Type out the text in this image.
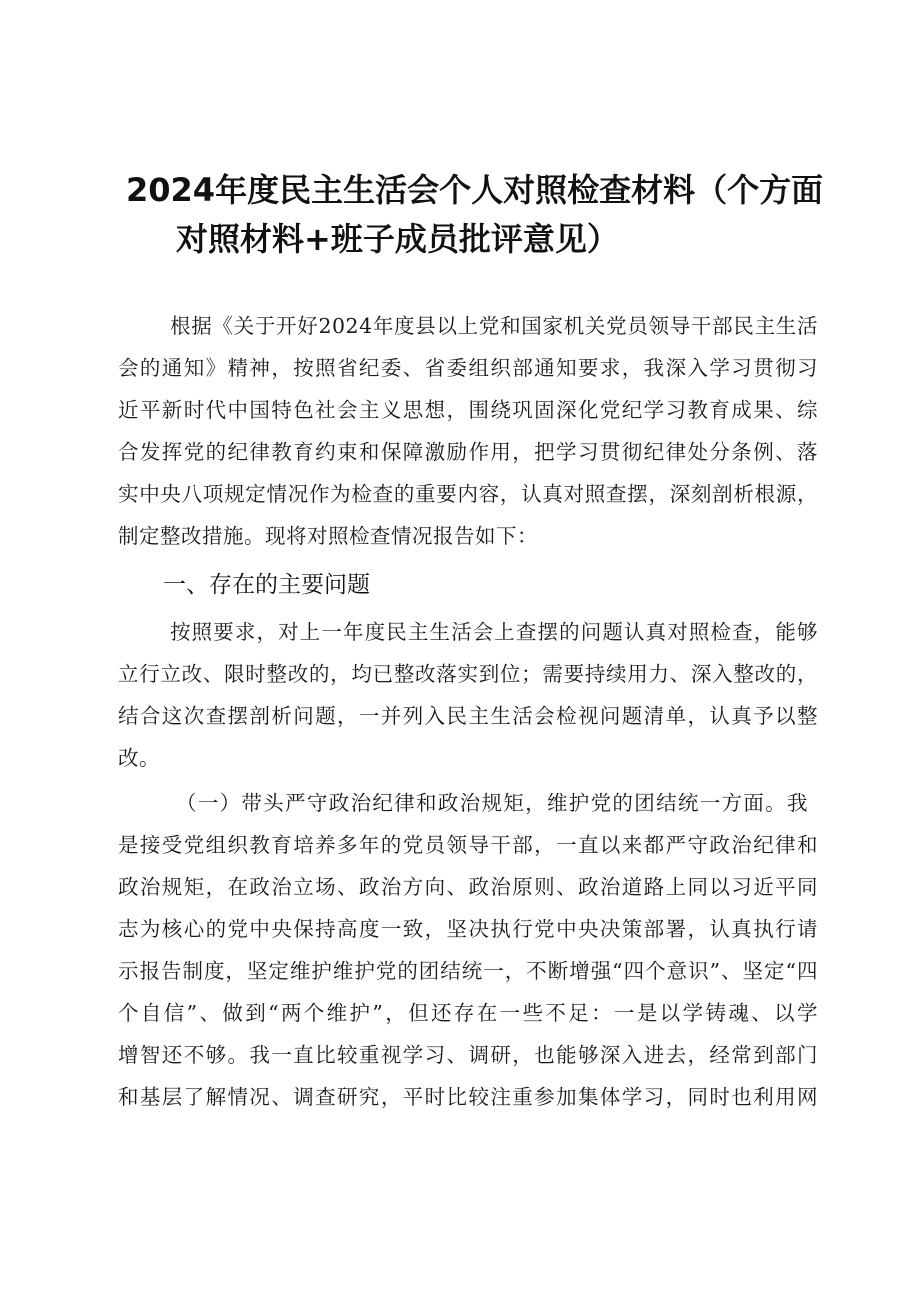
2024年度民主生活会个人对照检查材料（个方面
对照材料+班子成员批评意见）
根据《关于开好2024年度县以上党和国家机关党员领导干部民主生活
会的通知》精神，按照省纪委、省委组织部通知要求，我深入学习贯彻习
近平新时代中国特色社会主义思想，围绕巩固深化党纪学习教育成果、综
合发挥党的纪律教育约束和保障激励作用，把学习贯彻纪律处分条例、落
实中央八项规定情况作为检查的重要内容，认真对照查摆，深刻剖析根源，
制定整改措施。现将对照检查情况报告如下：
一、存在的主要问题
按照要求，对上一年度民主生活会上查摆的问题认真对照检查，能够
立行立改、限时整改的，均已整改落实到位；需要持续用力、深入整改的，
结合这次查摆剖析问题，一并列入民主生活会检视问题清单，认真予以整
改。
（一）带头严守政治纪律和政治规矩，维护党的团结统一方面。我
是接受党组织教育培养多年的党员领导干部，一直以来都严守政治纪律和
政治规矩，在政治立场、政治方向、政治原则、政治道路上同以习近平同
志为核心的党中央保持高度一致，坚决执行党中央决策部署，认真执行请
示报告制度，坚定维护维护党的团结统一，不断增强“四个意识”、坚定“四
个自信”、做到“两个维护”，但还存在一些不足：一是以学铸魂、以学
增智还不够。我一直比较重视学习、调研，也能够深入进去，经常到部门
和基层了解情况、调查研究，平时比较注重参加集体学习，同时也利用网
